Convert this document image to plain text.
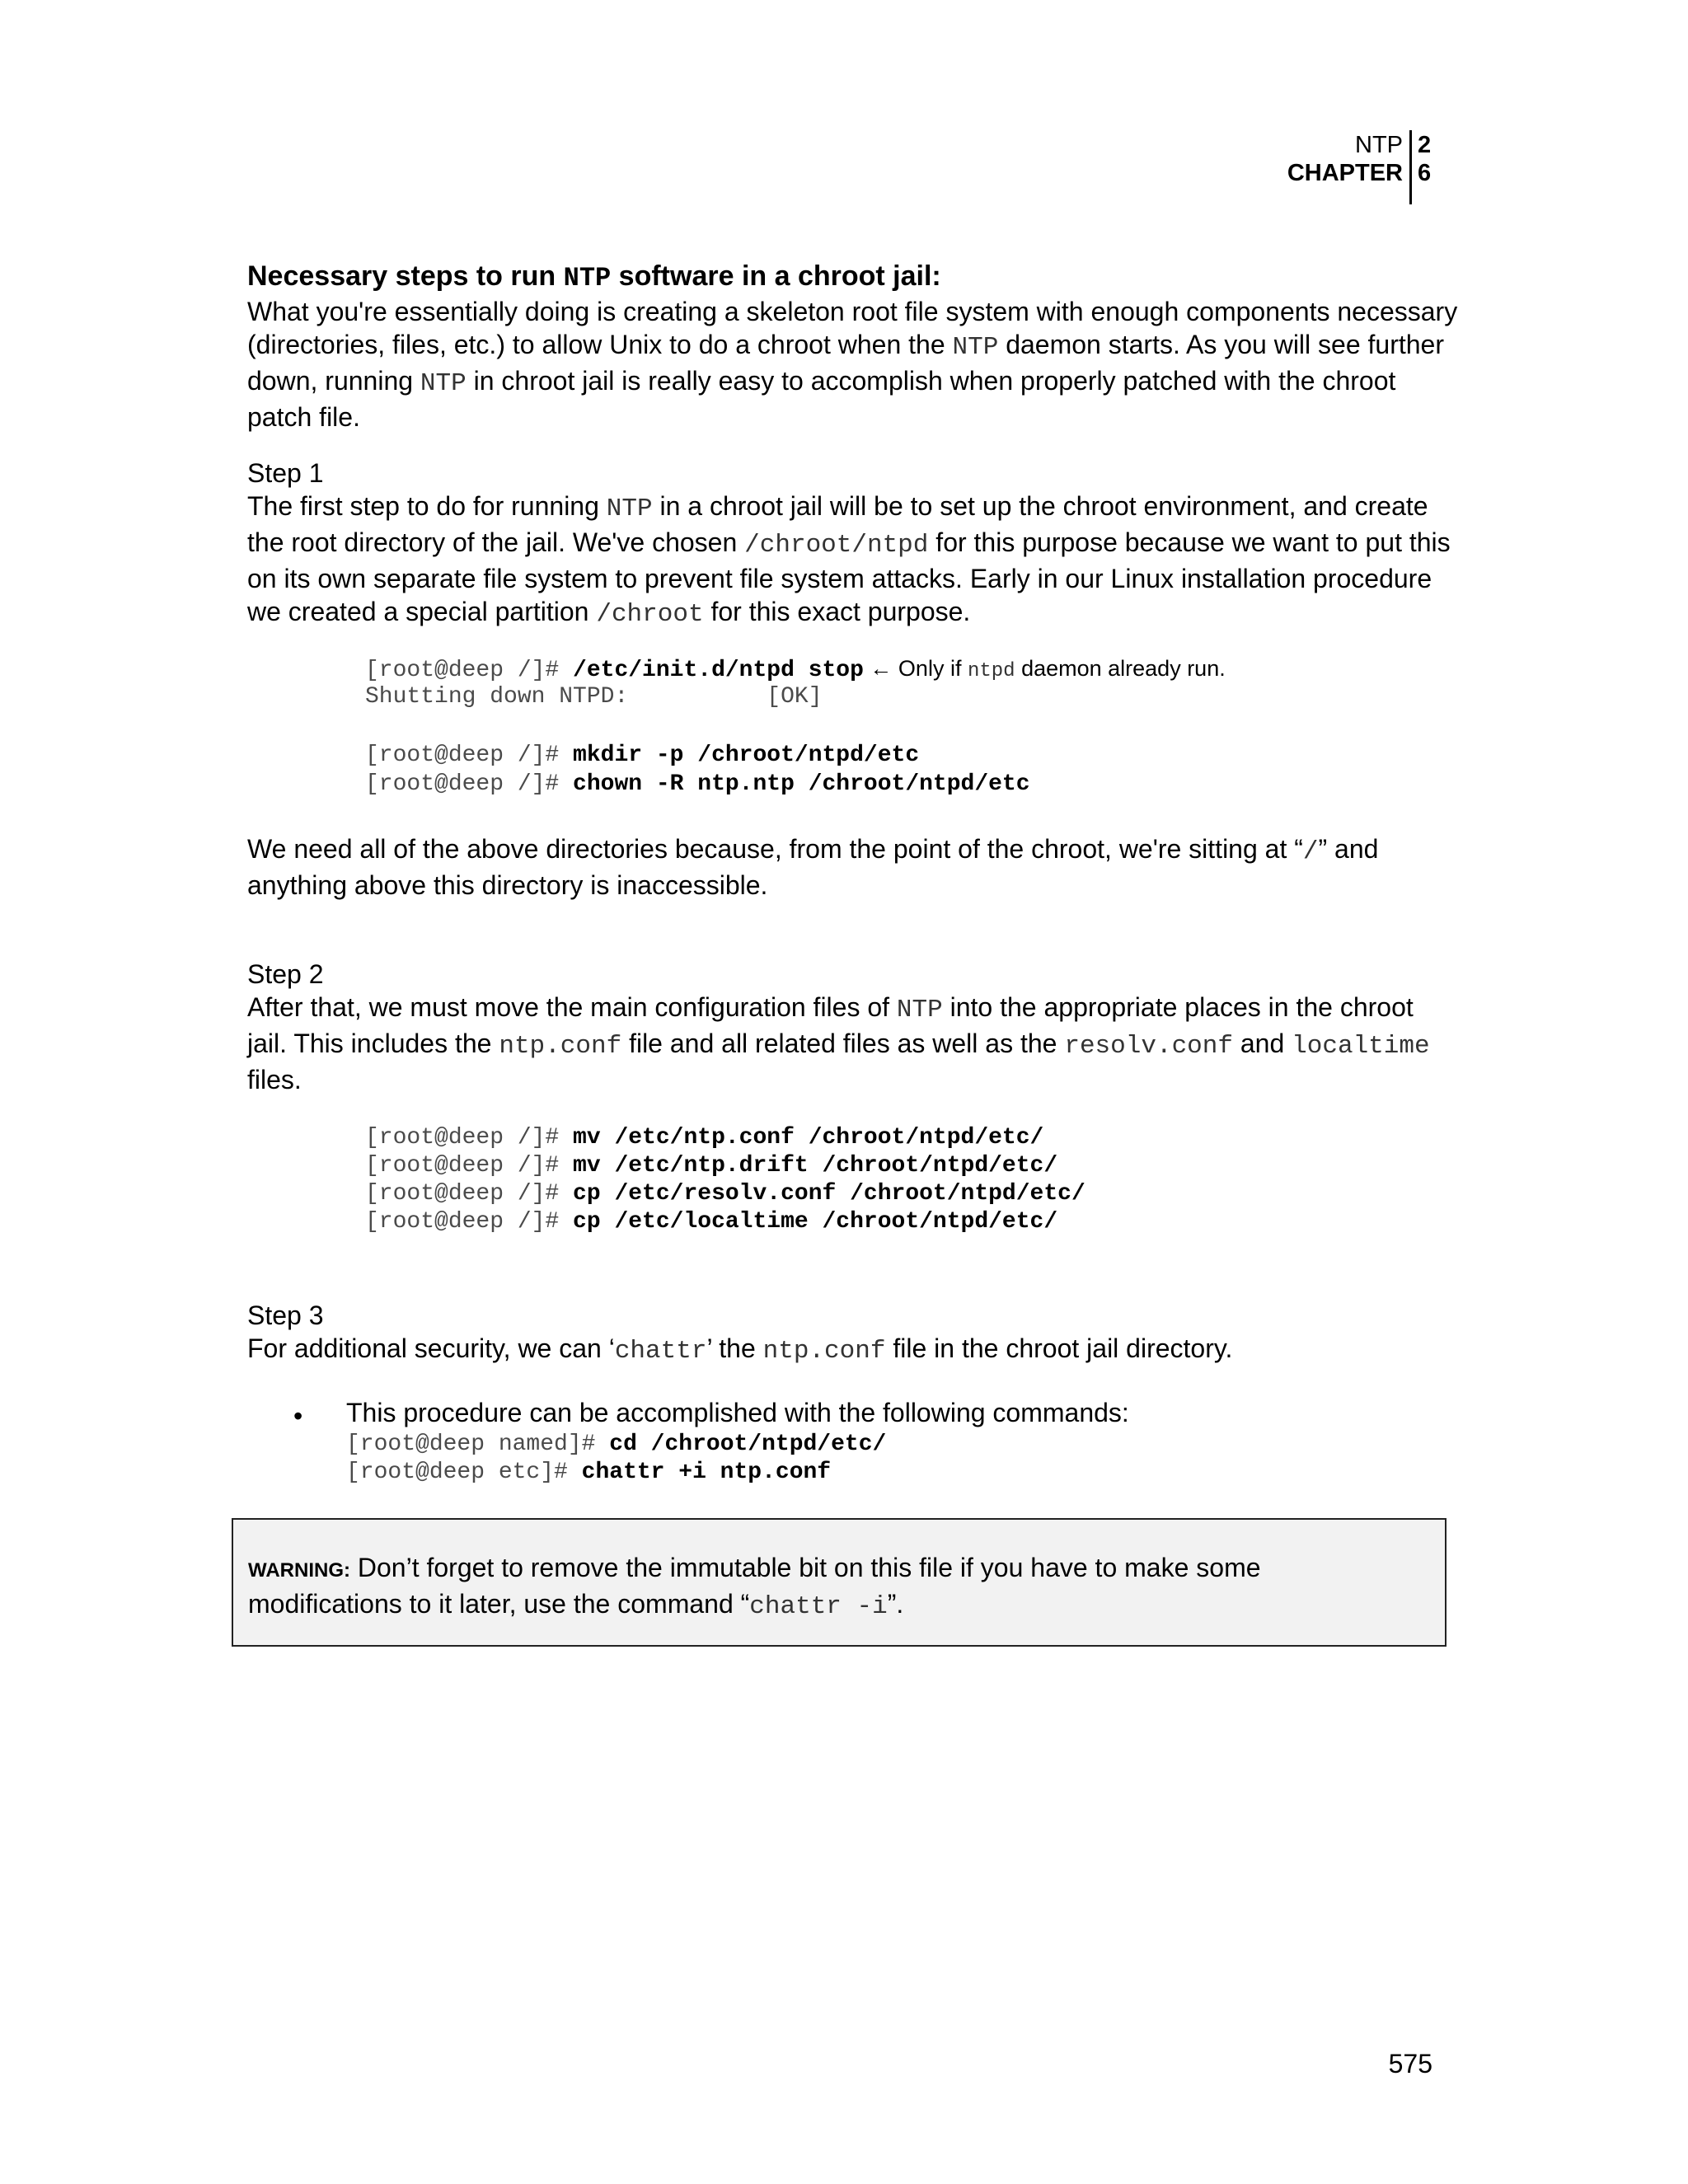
NTP
CHAPTER
2
6
Necessary steps to run NTP software in a chroot jail:
What you're essentially doing is creating a skeleton root file system with enough components necessary (directories, files, etc.) to allow Unix to do a chroot when the NTP daemon starts. As you will see further down, running NTP in chroot jail is really easy to accomplish when properly patched with the chroot patch file.
Step 1
The first step to do for running NTP in a chroot jail will be to set up the chroot environment, and create the root directory of the jail. We've chosen /chroot/ntpd for this purpose because we want to put this on its own separate file system to prevent file system attacks. Early in our Linux installation procedure we created a special partition /chroot for this exact purpose.
[root@deep /]# /etc/init.d/ntpd stop ← Only if ntpd daemon already run.
Shutting down NTPD:          [OK]
[root@deep /]# mkdir -p /chroot/ntpd/etc
[root@deep /]# chown -R ntp.ntp /chroot/ntpd/etc
We need all of the above directories because, from the point of the chroot, we're sitting at “/” and anything above this directory is inaccessible.
Step 2
After that, we must move the main configuration files of NTP into the appropriate places in the chroot jail. This includes the ntp.conf file and all related files as well as the resolv.conf and localtime files.
[root@deep /]# mv /etc/ntp.conf /chroot/ntpd/etc/
[root@deep /]# mv /etc/ntp.drift /chroot/ntpd/etc/
[root@deep /]# cp /etc/resolv.conf /chroot/ntpd/etc/
[root@deep /]# cp /etc/localtime /chroot/ntpd/etc/
Step 3
For additional security, we can ‘chattr’ the ntp.conf file in the chroot jail directory.
• This procedure can be accomplished with the following commands:
[root@deep named]# cd /chroot/ntpd/etc/
[root@deep etc]# chattr +i ntp.conf
WARNING: Don’t forget to remove the immutable bit on this file if you have to make some modifications to it later, use the command “chattr -i”.
575
